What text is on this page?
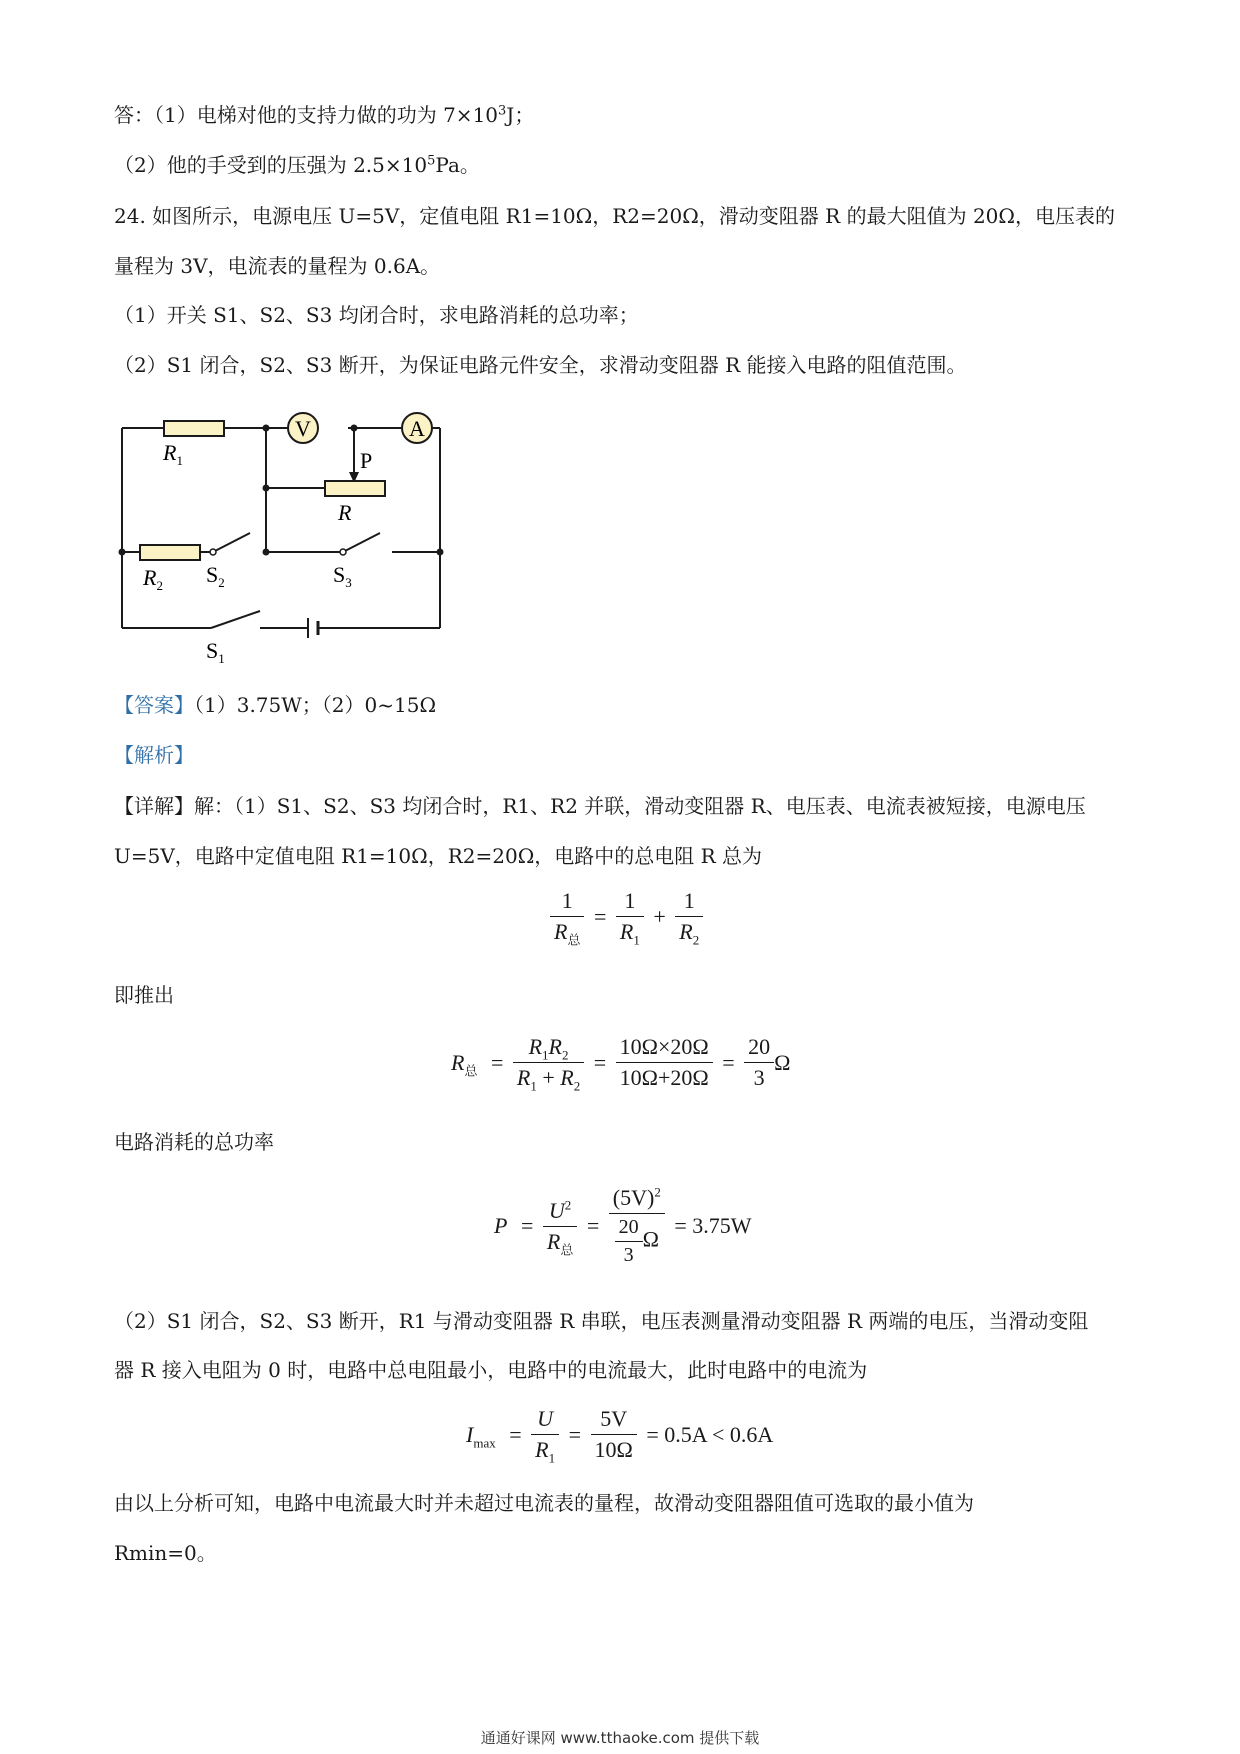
答：（1）电梯对他的支持力做的功为 $7\times 10^3J$；
（2）他的手受到的压强为 $2.5\times 10^5Pa$。
24. 如图所示，电源电压 U=5V，定值电阻 R1=10Ω，R2=20Ω，滑动变阻器 R 的最大阻值为 20Ω，电压表的
量程为 3V，电流表的量程为 0.6A。
（1）开关 S1、S2、S3 均闭合时，求电路消耗的总功率；
（2）S1 闭合，S2、S3 断开，为保证电路元件安全，求滑动变阻器 R 能接入电路的阻值范围。
V	A
P
$R_1$
R
$R_2$ $S_2$	$S_3$
$S_1$
【答案】（1）3.75W；（2）0~15Ω
【解析】
【详解】解：（1）S1、S2、S3 均闭合时，R1、R2 并联，滑动变阻器 R、电压表、电流表被短接，电源电压
U=5V，电路中定值电阻 R1=10Ω，R2=20Ω，电路中的总电阻 R 总为
$\frac{1}{R_总} = \frac{1}{R_1} + \frac{1}{R_2}$
即推出
$R_总 = \frac{R_1R_2}{R_1 + R_2} = \frac{10\Omega\times 20\Omega}{10\Omega+20\Omega} = \frac{20}{3}$ Ω
电路消耗的总功率
$P = \frac{U^2}{R_总} = \frac{(5V)^2}{\frac{20}{3} \Omega} = 3.75W$
（2）S1 闭合，S2、S3 断开，R1 与滑动变阻器 R 串联，电压表测量滑动变阻器 R 两端的电压，当滑动变阻
器 R 接入电阻为 0 时，电路中总电阻最小，电路中的电流最大，此时电路中的电流为
$I_{max} = \frac{U}{R_1} = \frac{5V}{10\Omega} = 0.5A < 0.6A$
由以上分析可知，电路中电流最大时并未超过电流表的量程，故滑动变阻器阻值可选取的最小值为
Rmin=0。
通通好课网 www.tthaoke.com 提供下载
